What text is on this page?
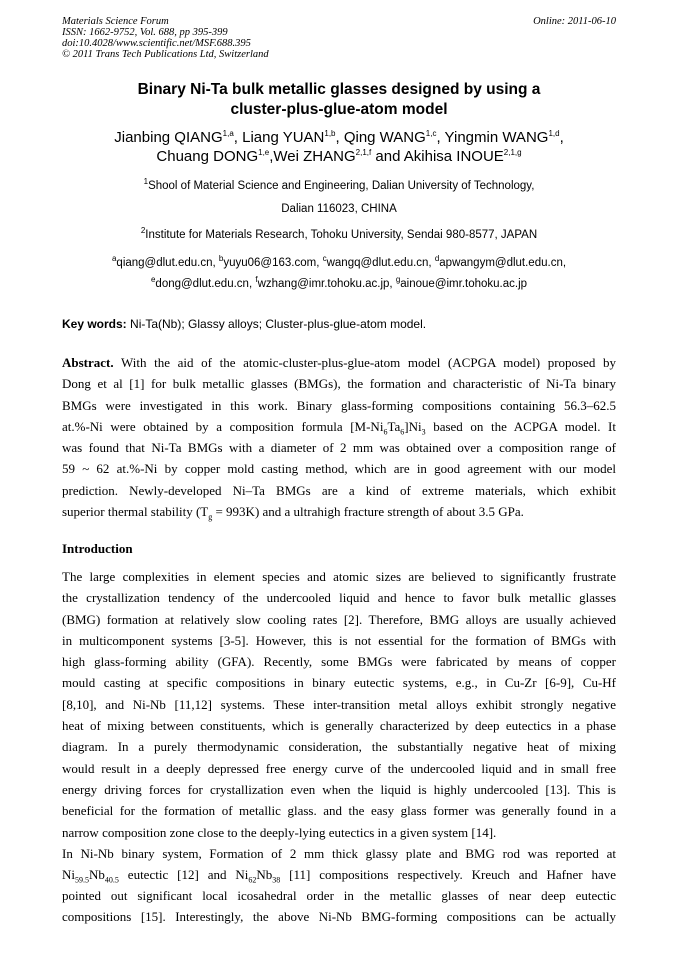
Materials Science Forum
ISSN: 1662-9752, Vol. 688, pp 395-399
doi:10.4028/www.scientific.net/MSF.688.395
© 2011 Trans Tech Publications Ltd, Switzerland
Online: 2011-06-10
Binary Ni-Ta bulk metallic glasses designed by using a
cluster-plus-glue-atom model
Jianbing QIANG$^{1,a}$, Liang YUAN$^{1,b}$, Qing WANG$^{1,c}$, Yingmin WANG$^{1,d}$,
Chuang DONG$^{1,e}$,Wei ZHANG$^{2,1,f}$ and Akihisa INOUE$^{2,1,g}$
$^1$Shool of Material Science and Engineering, Dalian University of Technology,
Dalian 116023, CHINA
$^2$Institute for Materials Research, Tohoku University, Sendai 980-8577, JAPAN
$^a$qiang@dlut.edu.cn, $^b$yuyu06@163.com, $^c$wangq@dlut.edu.cn, $^d$apwangym@dlut.edu.cn,
$^e$dong@dlut.edu.cn, $^f$wzhang@imr.tohoku.ac.jp, $^g$ainoue@imr.tohoku.ac.jp
Key words: Ni-Ta(Nb); Glassy alloys; Cluster-plus-glue-atom model.
Abstract. With the aid of the atomic-cluster-plus-glue-atom model (ACPGA model) proposed by
Dong et al [1] for bulk metallic glasses (BMGs), the formation and characteristic of Ni-Ta binary
BMGs were investigated in this work. Binary glass-forming compositions containing 56.3–62.5
at.%-Ni were obtained by a composition formula $[M-Ni_6Ta_6]Ni_3$ based on the ACPGA model. It
was found that Ni-Ta BMGs with a diameter of 2 mm was obtained over a composition range of
59 ~ 62 at.%-Ni by copper mold casting method, which are in good agreement with our model
prediction. Newly-developed Ni–Ta BMGs are a kind of extreme materials, which exhibit
superior thermal stability $(T_g = 993K)$ and a ultrahigh fracture strength of about 3.5 GPa.
Introduction
The large complexities in element species and atomic sizes are believed to significantly frustrate
the crystallization tendency of the undercooled liquid and hence to favor bulk metallic glasses
(BMG) formation at relatively slow cooling rates [2]. Therefore, BMG alloys are usually achieved
in multicomponent systems [3-5]. However, this is not essential for the formation of BMGs with
high glass-forming ability (GFA). Recently, some BMGs were fabricated by means of copper
mould casting at specific compositions in binary eutectic systems, e.g., in Cu-Zr [6-9], Cu-Hf
[8,10], and Ni-Nb [11,12] systems. These inter-transition metal alloys exhibit strongly negative
heat of mixing between constituents, which is generally characterized by deep eutectics in a phase
diagram. In a purely thermodynamic consideration, the substantially negative heat of mixing
would result in a deeply depressed free energy curve of the undercooled liquid and in small free
energy driving forces for crystallization even when the liquid is highly undercooled [13]. This is
beneficial for the formation of metallic glass. and the easy glass former was generally found in a
narrow composition zone close to the deeply-lying eutectics in a given system [14].
In Ni-Nb binary system, Formation of 2 mm thick glassy plate and BMG rod was reported at
$Ni_{59.5}Nb_{40.5}$ eutectic [12] and $Ni_{62}Nb_{38}$ [11] compositions respectively. Kreuch and Hafner have
pointed out significant local icosahedral order in the metallic glasses of near deep eutectic
compositions [15]. Interestingly, the above Ni-Nb BMG-forming compositions can be actually
